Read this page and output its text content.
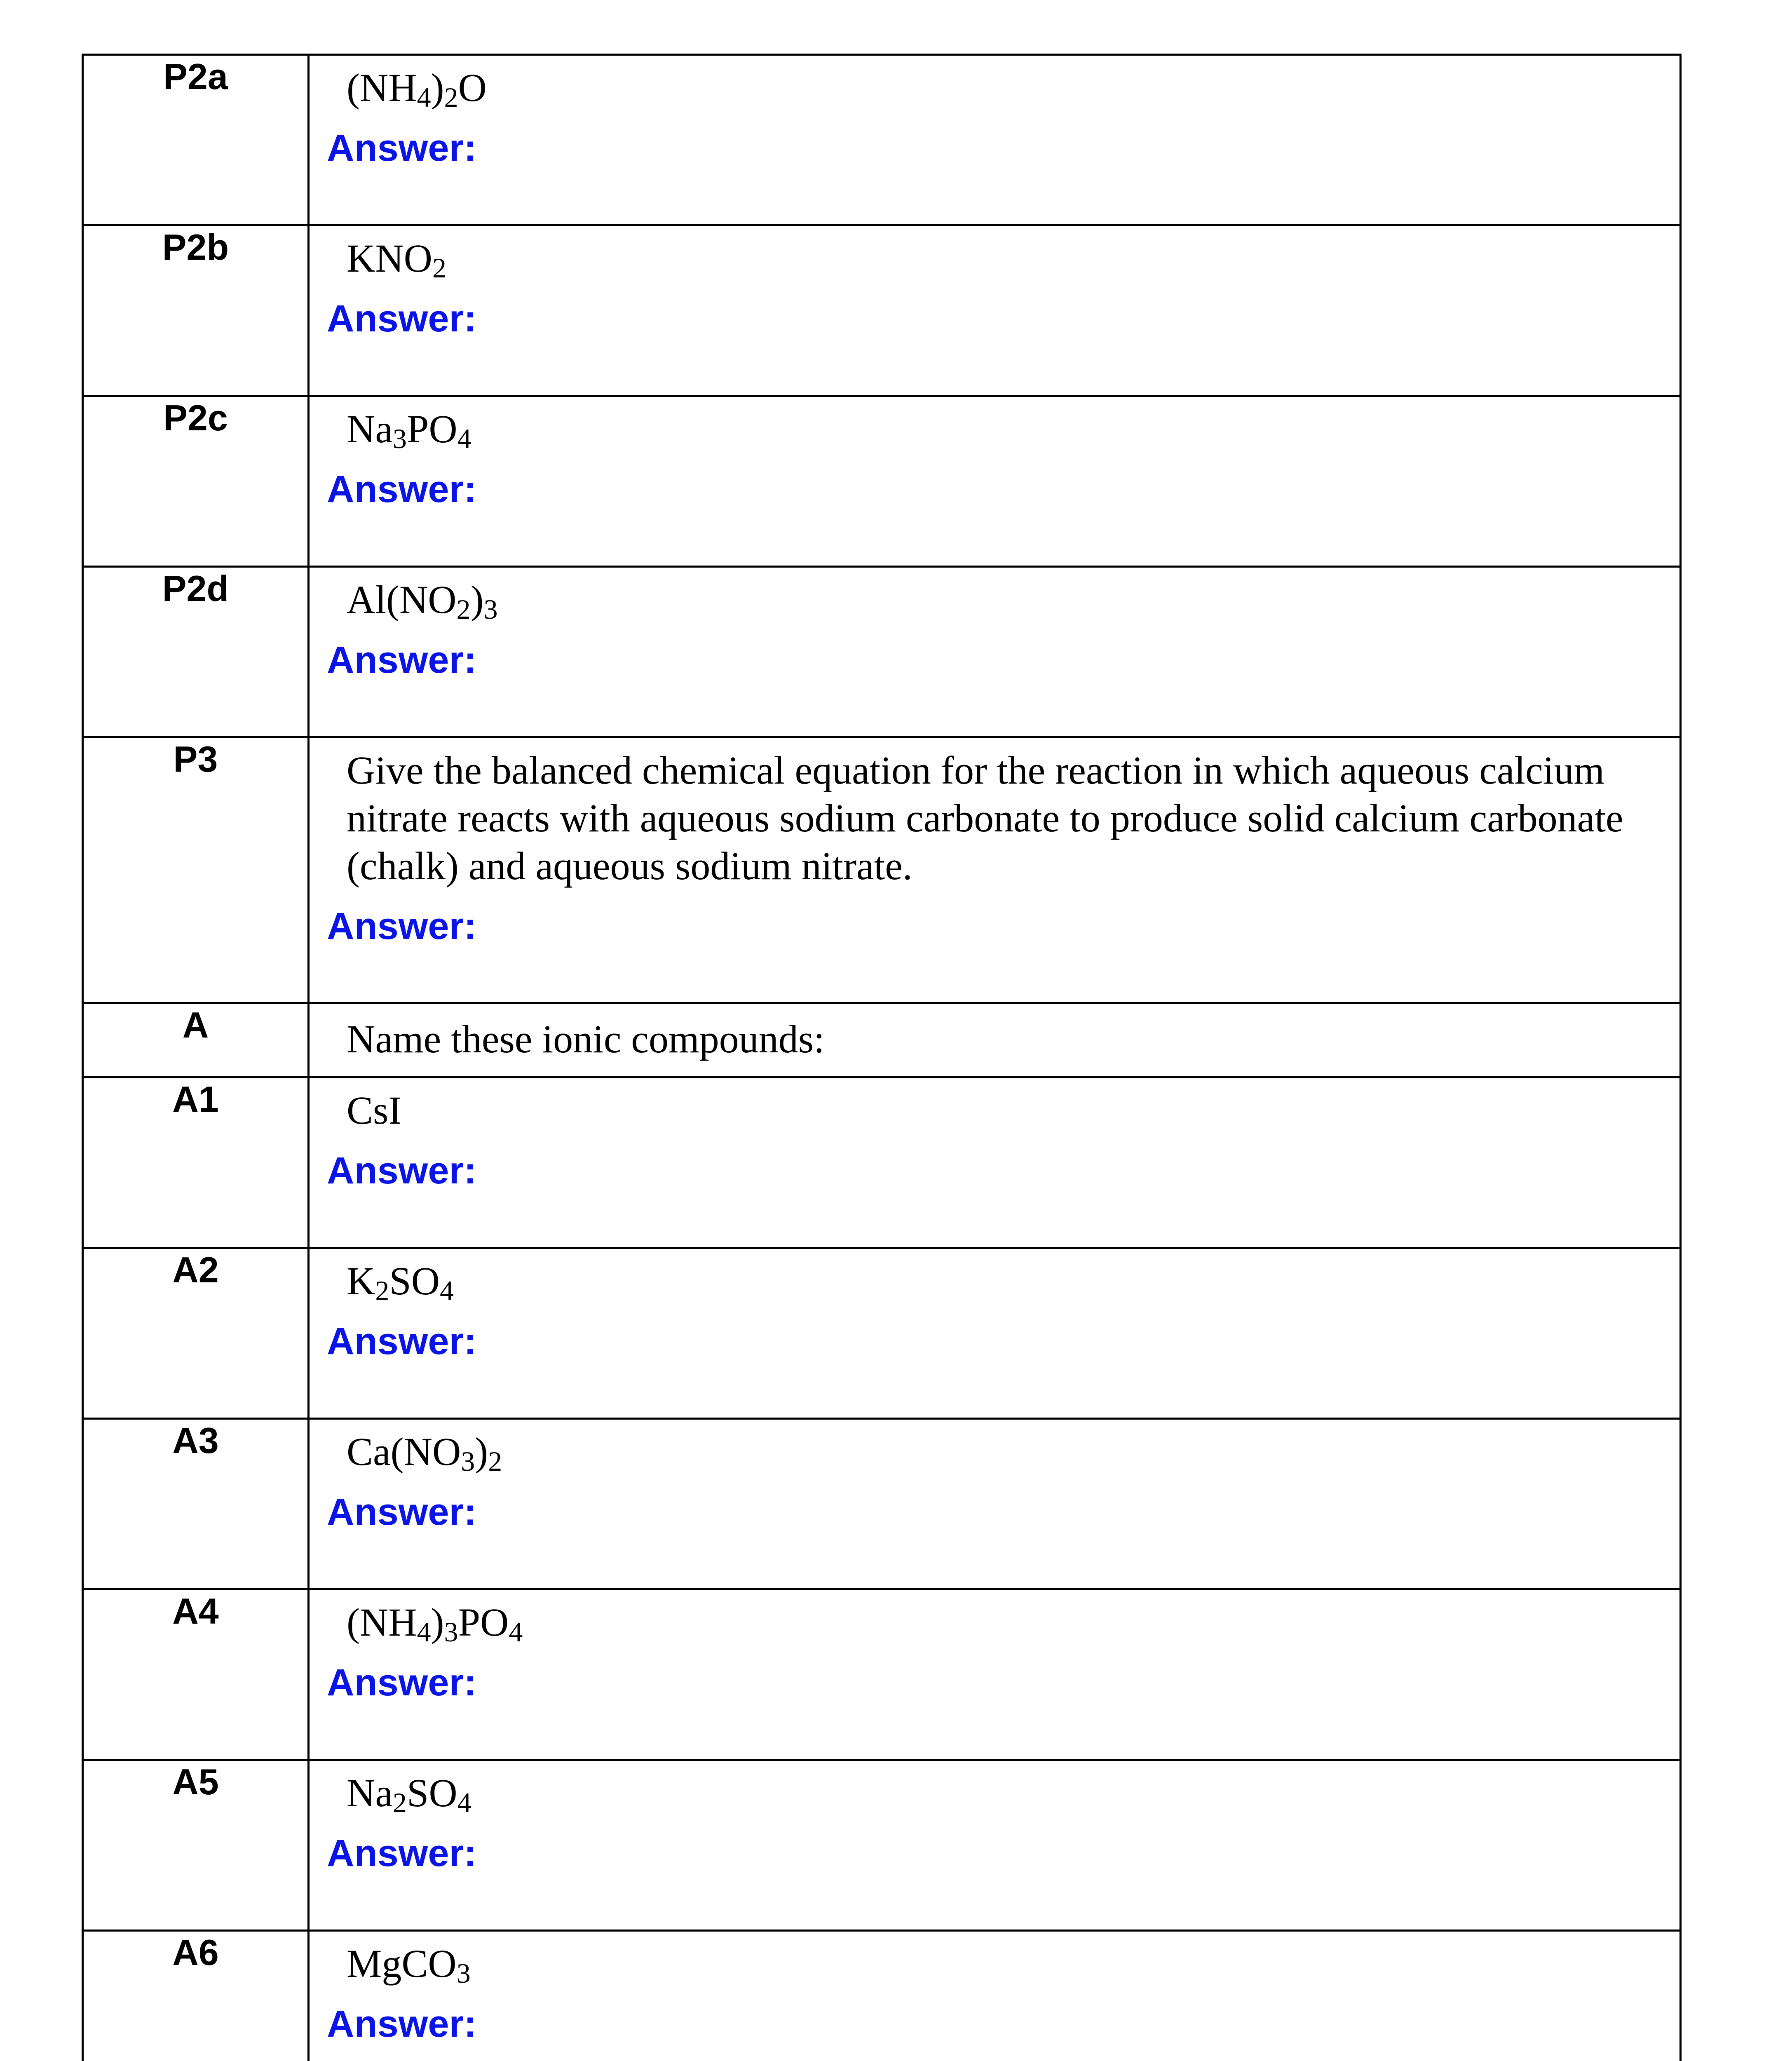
P2a	$(NH_4)_2O$
Answer:

P2b	$KNO_2$
Answer:

P2c	$Na_3PO_4$
Answer:

P2d	$Al(NO_2)_3$
Answer:

P3	Give the balanced chemical equation for the reaction in which aqueous calcium nitrate reacts with aqueous sodium carbonate to produce solid calcium carbonate (chalk) and aqueous sodium nitrate.
Answer:

A	Name these ionic compounds:

A1	CsI
Answer:

A2	$K_2SO_4$
Answer:

A3	$Ca(NO_3)_2$
Answer:

A4	$(NH_4)_3PO_4$
Answer:

A5	$Na_2SO_4$
Answer:

A6	MgCO$_3$
Answer:
